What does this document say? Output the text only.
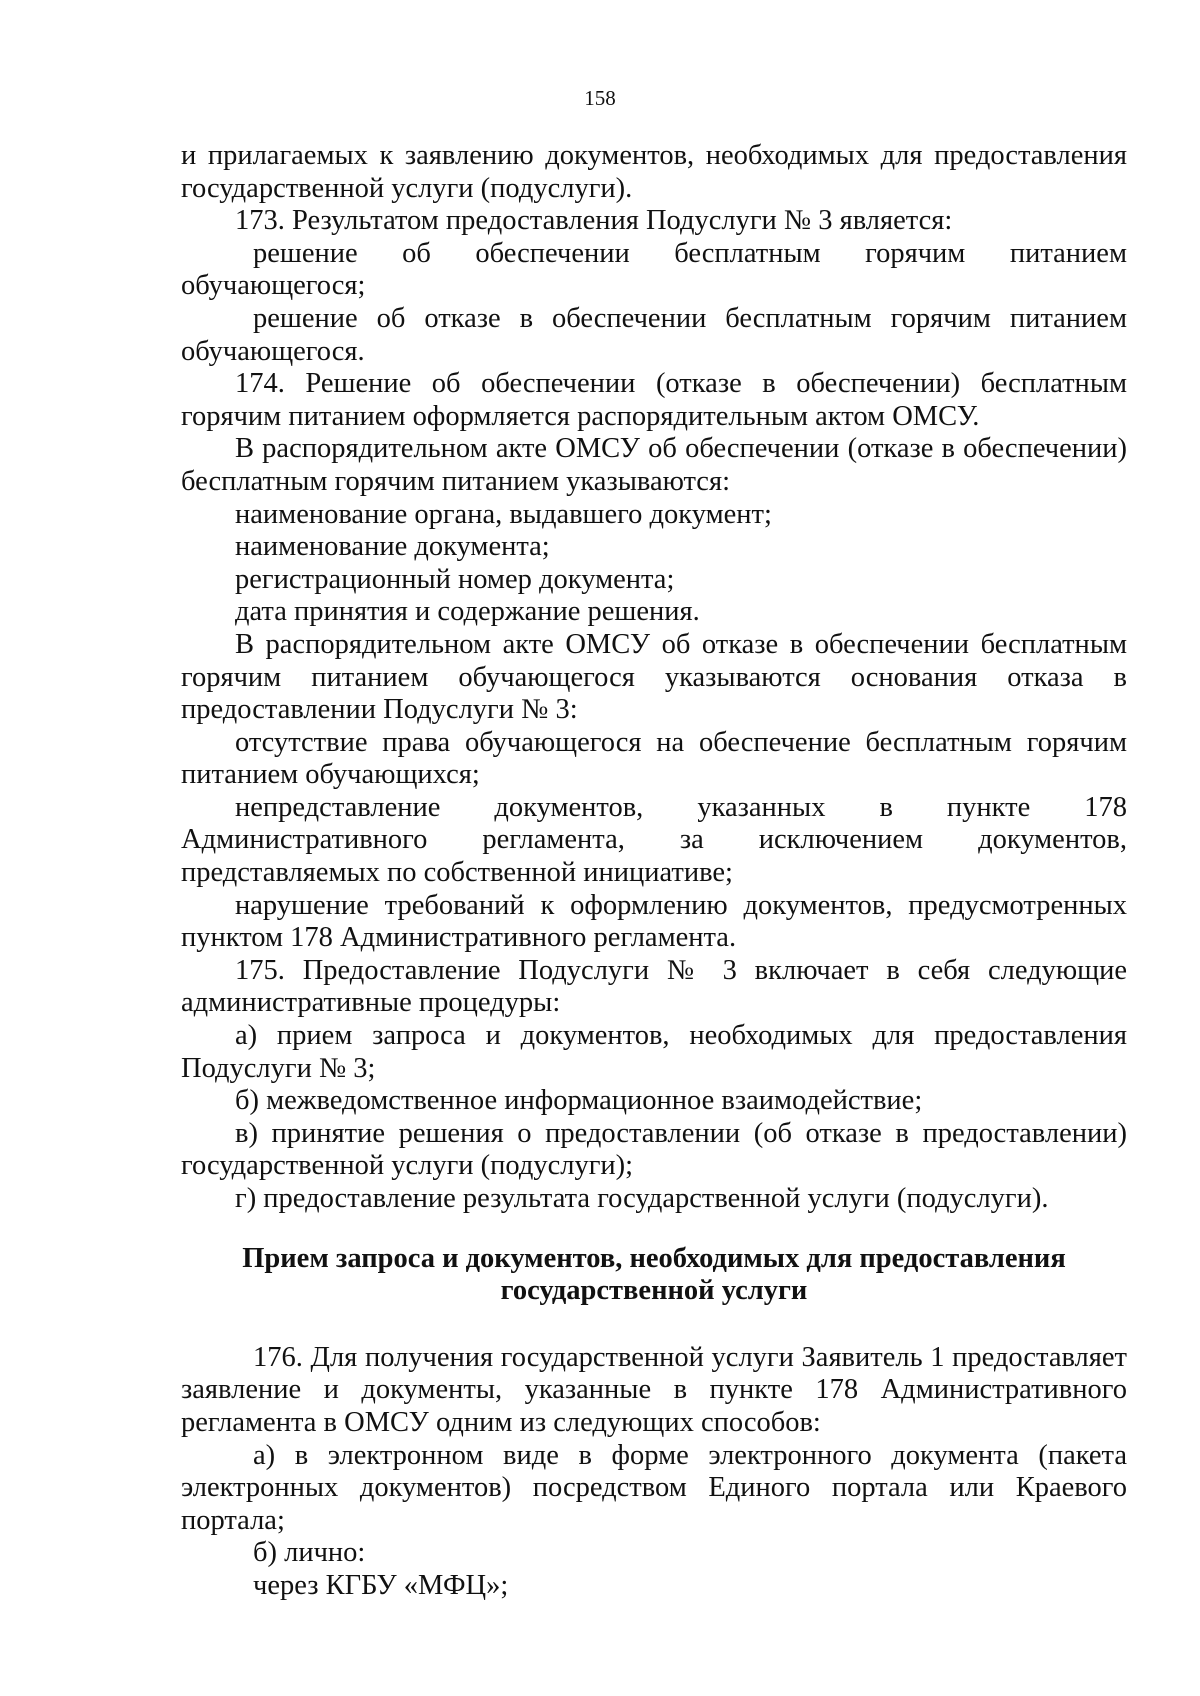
158

и прилагаемых к заявлению документов, необходимых для предоставления государственной услуги (подуслуги).

173. Результатом предоставления Подуслуги № 3 является:

решение об обеспечении бесплатным горячим питанием обучающегося;

решение об отказе в обеспечении бесплатным горячим питанием обучающегося.

174. Решение об обеспечении (отказе в обеспечении) бесплатным горячим питанием оформляется распорядительным актом ОМСУ.

В распорядительном акте ОМСУ об обеспечении (отказе в обеспечении) бесплатным горячим питанием указываются:

наименование органа, выдавшего документ;

наименование документа;

регистрационный номер документа;

дата принятия и содержание решения.

В распорядительном акте ОМСУ об отказе в обеспечении бесплатным горячим питанием обучающегося указываются основания отказа в предоставлении Подуслуги № 3:

отсутствие права обучающегося на обеспечение бесплатным горячим питанием обучающихся;

непредставление документов, указанных в пункте 178 Административного регламента, за исключением документов, представляемых по собственной инициативе;

нарушение требований к оформлению документов, предусмотренных пунктом 178 Административного регламента.

175. Предоставление Подуслуги № 3 включает в себя следующие административные процедуры:

а) прием запроса и документов, необходимых для предоставления Подуслуги № 3;

б) межведомственное информационное взаимодействие;

в) принятие решения о предоставлении (об отказе в предоставлении) государственной услуги (подуслуги);

г) предоставление результата государственной услуги (подуслуги).

Прием запроса и документов, необходимых для предоставления
государственной услуги

176. Для получения государственной услуги Заявитель 1 предоставляет заявление и документы, указанные в пункте 178 Административного регламента в ОМСУ одним из следующих способов:

а) в электронном виде в форме электронного документа (пакета электронных документов) посредством Единого портала или Краевого портала;

б) лично:

через КГБУ «МФЦ»;
